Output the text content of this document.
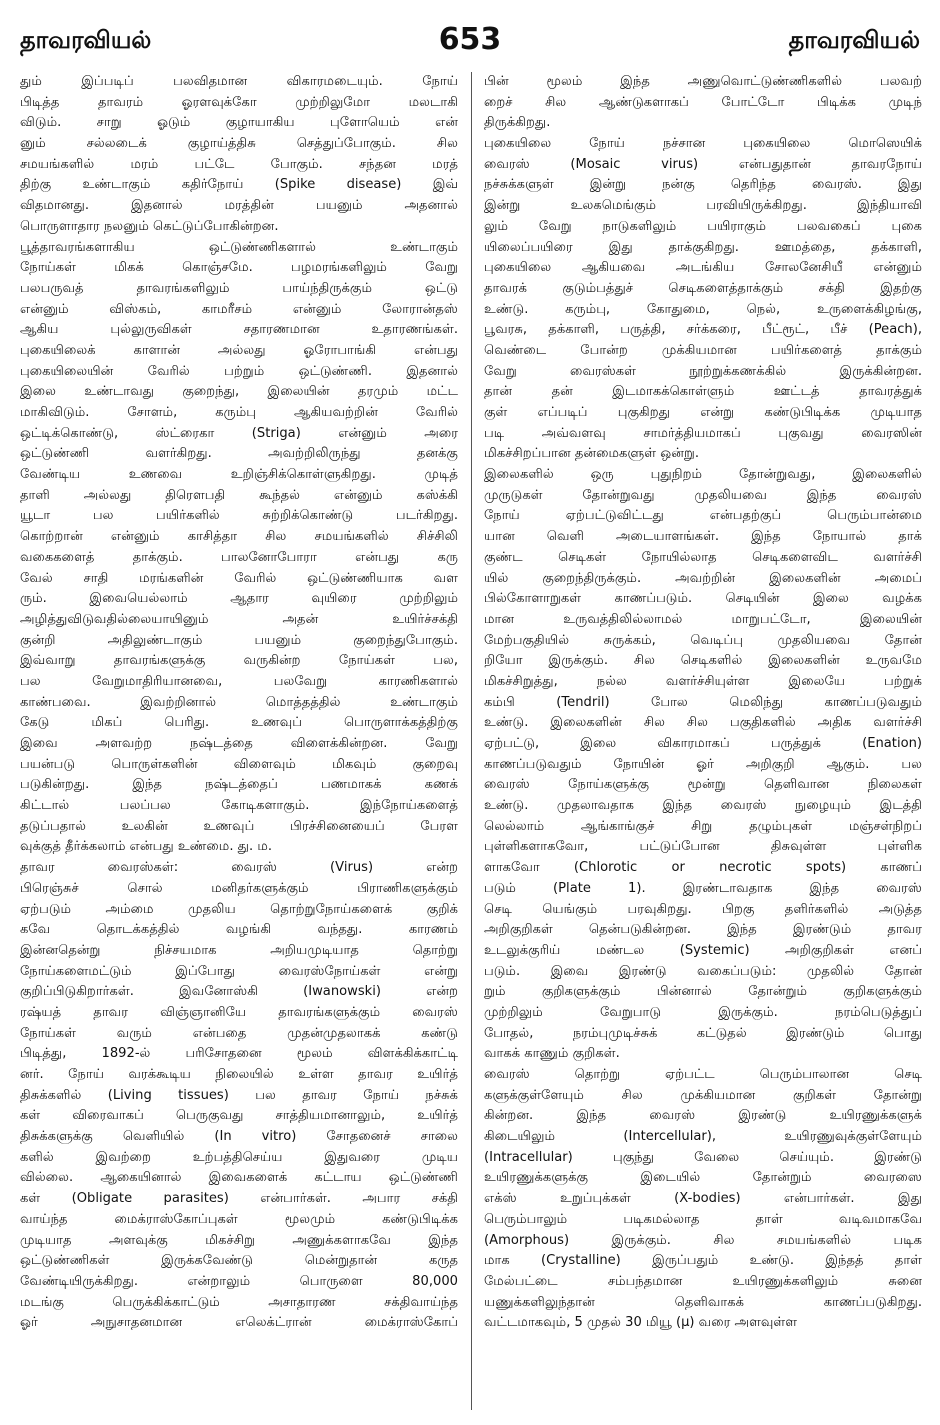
தாவரவியல்	653	தாவரவியல்
தும் இப்படிப் பலவிதமான விகாரமடையும். நோய்
பிடித்த தாவரம் ஓரளவுக்கோ முற்றிலுமோ மலடாகி
விடும். சாறு ஓடும் குழாயாகிய புளோயெம் என்
னும் சல்லடைக் குழாய்த்திசு செத்துப்போகும். சில
சமயங்களில் மரம் பட்டே போகும். சந்தன மரத்
திற்கு உண்டாகும் கதிர்நோய் (Spike disease) இவ்
விதமானது. இதனால் மரத்தின் பயனும் அதனால்
பொருளாதார நலனும் கெட்டுப்போகின்றன.
பூத்தாவரங்களாகிய ஒட்டுண்ணிகளால் உண்டாகும்
நோய்கள் மிகக் கொஞ்சமே. பழமரங்களிலும் வேறு
பலபருவத் தாவரங்களிலும் பாய்ந்திருக்கும் ஒட்டு
என்னும் விஸ்கம், காமரீசம் என்னும் லோரான்தஸ்
ஆகிய புல்லுருவிகள் சதாரணமான உதாரணங்கள்.
புகையிலைக் காளான் அல்லது ஓரோபாங்கி என்பது
புகையிலையின் வேரில் பற்றும் ஒட்டுண்ணி. இதனால்
இலை உண்டாவது குறைந்து, இலையின் தரமும் மட்ட
மாகிவிடும். சோளம், கரும்பு ஆகியவற்றின் வேரில்
ஒட்டிக்கொண்டு, ஸ்ட்ரைகா (Striga) என்னும் அரை
ஒட்டுண்ணி வளர்கிறது. அவற்றிலிருந்து தனக்கு
வேண்டிய உணவை உறிஞ்சிக்கொள்ளுகிறது. முடித்
தாளி அல்லது திரௌபதி கூந்தல் என்னும் கஸ்க்கி
யூடா பல பயிர்களில் சுற்றிக்கொண்டு படர்கிறது.
கொற்றான் என்னும் காசித்தா சில சமயங்களில் சிச்சிலி
வகைகளைத் தாக்கும். பாலனோபோரா என்பது கரு
வேல் சாதி மரங்களின் வேரில் ஒட்டுண்ணியாக வள
ரும். இவையெல்லாம் ஆதார வுயிரை முற்றிலும்
அழித்துவிடுவதில்லையாயினும் அதன் உயிர்ச்சக்தி
குன்றி அதிலுண்டாகும் பயனும் குறைந்துபோகும்.
இவ்வாறு தாவரங்களுக்கு வருகின்ற நோய்கள் பல,
பல வேறுமாதிரியானவை, பலவேறு காரணிகளால்
காண்பவை. இவற்றினால் மொத்தத்தில் உண்டாகும்
கேடு மிகப் பெரிது. உணவுப் பொருளாக்கத்திற்கு
இவை அளவற்ற நஷ்டத்தை விளைக்கின்றன. வேறு
பயன்படு பொருள்களின் விளைவும் மிகவும் குறைவு
படுகின்றது. இந்த நஷ்டத்தைப் பணமாகக் கணக்
கிட்டால் பலப்பல கோடிகளாகும். இந்நோய்களைத்
தடுப்பதால் உலகின் உணவுப் பிரச்சினையைப் பேரள
வுக்குத் தீர்க்கலாம் என்பது உண்மை. து. ம.
தாவர வைரஸ்கள்: வைரஸ் (Virus) என்ற
பிரெஞ்சுச் சொல் மனிதர்களுக்கும் பிராணிகளுக்கும்
ஏற்படும் அம்மை முதலிய தொற்றுநோய்களைக் குறிக்
கவே தொடக்கத்தில் வழங்கி வந்தது. காரணம்
இன்னதென்று நிச்சயமாக அறியமுடியாத தொற்று
நோய்களைமட்டும் இப்போது வைரஸ்நோய்கள் என்று
குறிப்பிடுகிறார்கள். இவனோஸ்கி (Iwanowski) என்ற
ரஷ்யத் தாவர விஞ்ஞானியே தாவரங்களுக்கும் வைரஸ்
நோய்கள் வரும் என்பதை முதன்முதலாகக் கண்டு
பிடித்து, 1892-ல் பரிசோதனை மூலம் விளக்கிக்காட்டி
னர். நோய் வரக்கூடிய நிலையில் உள்ள தாவர உயிர்த்
திசுக்களில் (Living tissues) பல தாவர நோய் நச்சுக்
கள் விரைவாகப் பெருகுவது சாத்தியமானாலும், உயிர்த்
திசுக்களுக்கு வெளியில் (In vitro) சோதனைச் சாலை
களில் இவற்றை உற்பத்திசெய்ய இதுவரை முடிய
வில்லை. ஆகையினால் இவைகளைக் கட்டாய ஒட்டுண்ணி
கள் (Obligate parasites) என்பார்கள். அபார சக்தி
வாய்ந்த மைக்ராஸ்கோப்புகள் மூலமும் கண்டுபிடிக்க
முடியாத அளவுக்கு மிகச்சிறு அணுக்களாகவே இந்த
ஒட்டுண்ணிகள் இருக்கவேண்டு மென்றுதான் கருத
வேண்டியிருக்கிறது. என்றாலும் பொருளை 80,000
மடங்கு பெருக்கிக்காட்டும் அசாதாரண சக்திவாய்ந்த
ஓர் அநுசாதனமான எலெக்ட்ரான் மைக்ராஸ்கோப்
பின் மூலம் இந்த அணுவொட்டுண்ணிகளில் பலவற்
றைச் சில ஆண்டுகளாகப் போட்டோ பிடிக்க முடிந்
திருக்கிறது.
புகையிலை நோய் நச்சான புகையிலை மொஸெயிக்
வைரஸ் (Mosaic virus) என்பதுதான் தாவரநோய்
நச்சுக்களுள் இன்று நன்கு தெரிந்த வைரஸ். இது
இன்று உலகமெங்கும் பரவியிருக்கிறது. இந்தியாவி
லும் வேறு நாடுகளிலும் பயிராகும் பலவகைப் புகை
யிலைப்பயிரை இது தாக்குகிறது. ஊமத்தை, தக்காளி,
புகையிலை ஆகியவை அடங்கிய சோலனேசியீ என்னும்
தாவரக் குடும்பத்துச் செடிகளைத்தாக்கும் சக்தி இதற்கு
உண்டு. கரும்பு, கோதுமை, நெல், உருளைக்கிழங்கு,
பூவரசு, தக்காளி, பருத்தி, சர்க்கரை, பீட்ரூட், பீச் (Peach),
வெண்டை போன்ற முக்கியமான பயிர்களைத் தாக்கும்
வேறு வைரஸ்கள் நூற்றுக்கணக்கில் இருக்கின்றன.
தான் தன் இடமாகக்கொள்ளும் ஊட்டத் தாவரத்துக்
குள் எப்படிப் புகுகிறது என்று கண்டுபிடிக்க முடியாத
படி அவ்வளவு சாமர்த்தியமாகப் புகுவது வைரஸின்
மிகச்சிறப்பான தன்மைகளுள் ஒன்று.
இலைகளில் ஒரு புதுநிறம் தோன்றுவது, இலைகளில்
முருடுகள் தோன்றுவது முதலியவை இந்த வைரஸ்
நோய் ஏற்பட்டுவிட்டது என்பதற்குப் பெரும்பான்மை
யான வெளி அடையாளங்கள். இந்த நோயால் தாக்
குண்ட செடிகள் நோயில்லாத செடிகளைவிட வளர்ச்சி
யில் குறைந்திருக்கும். அவற்றின் இலைகளின் அமைப்
பில்கோளாறுகள் காணப்படும். செடியின் இலை வழக்க
மான உருவத்திலில்லாமல் மாறுபட்டோ, இலையின்
மேற்பகுதியில் சுருக்கம், வெடிப்பு முதலியவை தோன்
றியோ இருக்கும். சில செடிகளில் இலைகளின் உருவமே
மிகச்சிறுத்து, நல்ல வளர்ச்சியுள்ள இலையே பற்றுக்
கம்பி (Tendril) போல மெலிந்து காணப்படுவதும்
உண்டு. இலைகளின் சில சில பகுதிகளில் அதிக வளர்ச்சி
ஏற்பட்டு, இலை விகாரமாகப் பருத்துக் (Enation)
காணப்படுவதும் நோயின் ஓர் அறிகுறி ஆகும். பல
வைரஸ் நோய்களுக்கு மூன்று தெளிவான நிலைகள்
உண்டு. முதலாவதாக இந்த வைரஸ் நுழையும் இடத்தி
லெல்லாம் ஆங்காங்குச் சிறு தழும்புகள் மஞ்சள்நிறப்
புள்ளிகளாகவோ, பட்டுப்போன திசுவுள்ள புள்ளிக
ளாகவோ (Chlorotic or necrotic spots) காணப்
படும் (Plate 1). இரண்டாவதாக இந்த வைரஸ்
செடி யெங்கும் பரவுகிறது. பிறகு தளிர்களில் அடுத்த
அறிகுறிகள் தென்படுகின்றன. இந்த இரண்டும் தாவர
உடலுக்குரிய் மண்டல (Systemic) அறிகுறிகள் எனப்
படும். இவை இரண்டு வகைப்படும்: முதலில் தோன்
றும் குறிகளுக்கும் பின்னால் தோன்றும் குறிகளுக்கும்
முற்றிலும் வேறுபாடு இருக்கும். நரம்பெடுத்துப்
போதல், நரம்புமுடிச்சுக் கட்டுதல் இரண்டும் பொது
வாகக் காணும் குறிகள்.
வைரஸ் தொற்று ஏற்பட்ட பெரும்பாலான செடி
களுக்குள்ளேயும் சில முக்கியமான குறிகள் தோன்று
கின்றன. இந்த வைரஸ் இரண்டு உயிரணுக்களுக்
கிடையிலும் (Intercellular), உயிரணுவுக்குள்ளேயும்
(Intracellular) புகுந்து வேலை செய்யும். இரண்டு
உயிரணுக்களுக்கு இடையில் தோன்றும் வைரஸை
எக்ஸ் உறுப்புக்கள் (X-bodies) என்பார்கள். இது
பெரும்பாலும் படிகமல்லாத தாள் வடிவமாகவே
(Amorphous) இருக்கும். சில சமயங்களில் படிக
மாக (Crystalline) இருப்பதும் உண்டு. இந்தத் தாள்
மேல்பட்டை சம்பந்தமான உயிரணுக்களிலும் சுனை
யணுக்களிலுந்தான் தெளிவாகக் காணப்படுகிறது.
வட்டமாகவும், 5 முதல் 30 மியூ (μ) வரை அளவுள்ள
